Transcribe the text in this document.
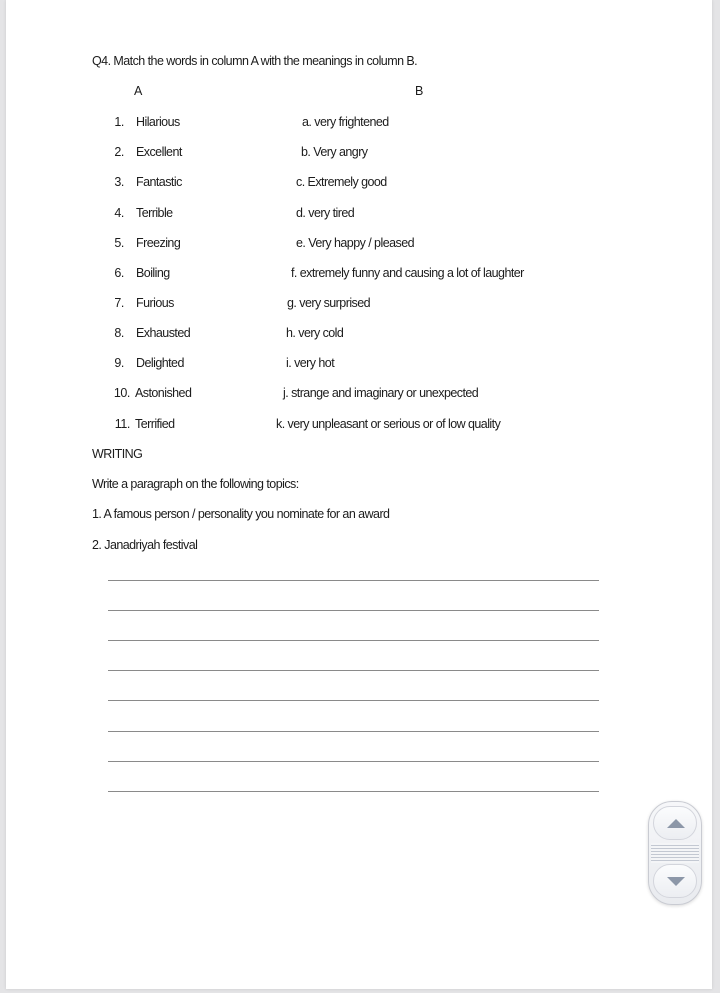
Q4. Match the words in column A with the meanings in column B.
A	B
1. Hilarious
2. Excellent
3. Fantastic
4. Terrible
5. Freezing
6. Boiling
7. Furious
8. Exhausted
9. Delighted
10. Astonished
11. Terrified
a. very frightened
b. Very angry
c. Extremely good
d. very tired
e. Very happy / pleased
f. extremely funny and causing a lot of laughter
g. very surprised
h. very cold
i. very hot
j. strange and imaginary or unexpected
k. very unpleasant or serious or of low quality
WRITING
Write a paragraph on the following topics:
1. A famous person / personality you nominate for an award
2. Janadriyah festival
